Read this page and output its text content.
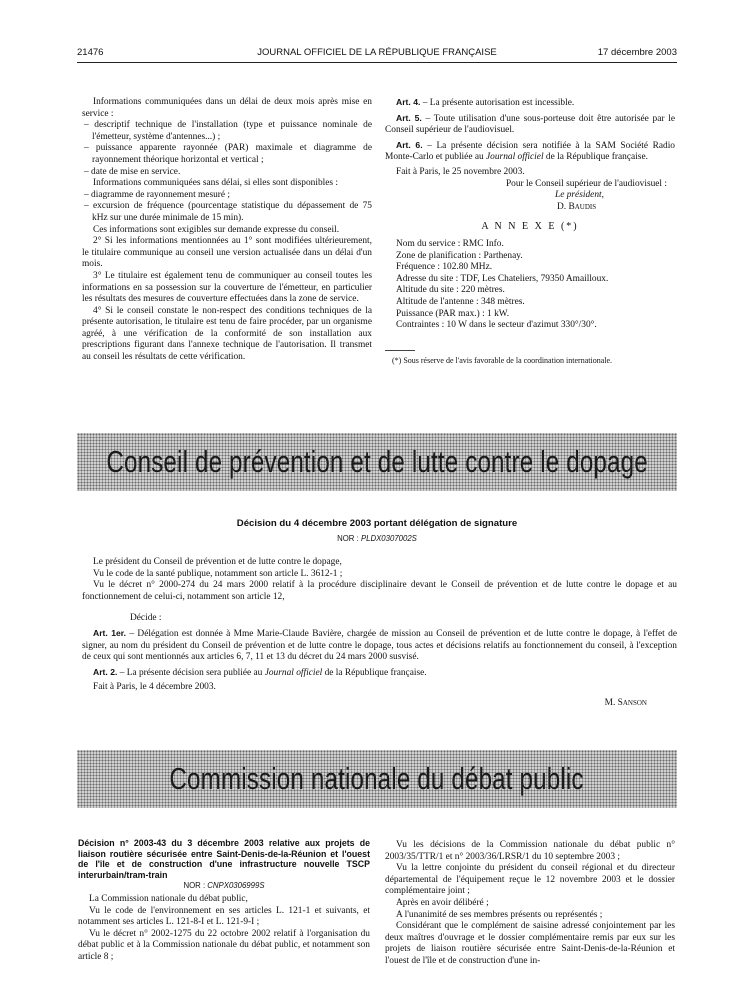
21476	JOURNAL OFFICIEL DE LA RÉPUBLIQUE FRANÇAISE	17 décembre 2003

Informations communiquées dans un délai de deux mois après mise en service :

– descriptif technique de l'installation (type et puissance nominale de l'émetteur, système d'antennes...) ;

– puissance apparente rayonnée (PAR) maximale et diagramme de rayonnement théorique horizontal et vertical ;

– date de mise en service.

Informations communiquées sans délai, si elles sont disponibles :

– diagramme de rayonnement mesuré ;

– excursion de fréquence (pourcentage statistique du dépassement de 75 kHz sur une durée minimale de 15 min).

Ces informations sont exigibles sur demande expresse du conseil.

2° Si les informations mentionnées au 1° sont modifiées ultérieurement, le titulaire communique au conseil une version actualisée dans un délai d'un mois.

3° Le titulaire est également tenu de communiquer au conseil toutes les informations en sa possession sur la couverture de l'émetteur, en particulier les résultats des mesures de couverture effectuées dans la zone de service.

4° Si le conseil constate le non-respect des conditions techniques de la présente autorisation, le titulaire est tenu de faire procéder, par un organisme agréé, à une vérification de la conformité de son installation aux prescriptions figurant dans l'annexe technique de l'autorisation. Il transmet au conseil les résultats de cette vérification.

Art. 4. – La présente autorisation est incessible.

Art. 5. – Toute utilisation d'une sous-porteuse doit être autorisée par le Conseil supérieur de l'audiovisuel.

Art. 6. – La présente décision sera notifiée à la SAM Société Radio Monte-Carlo et publiée au Journal officiel de la République française.

Fait à Paris, le 25 novembre 2003.

Pour le Conseil supérieur de l'audiovisuel :

Le président,

D. Baudis

A N N E X E (*)

Nom du service : RMC Info.

Zone de planification : Parthenay.

Fréquence : 102.80 MHz.

Adresse du site : TDF, Les Chateliers, 79350 Amailloux.

Altitude du site : 220 mètres.

Altitude de l'antenne : 348 mètres.

Puissance (PAR max.) : 1 kW.

Contraintes : 10 W dans le secteur d'azimut 330°/30°.

(*) Sous réserve de l'avis favorable de la coordination internationale.
Conseil de prévention et de lutte contre le dopage
Décision du 4 décembre 2003 portant délégation de signature
NOR : PLDX0307002S

Le président du Conseil de prévention et de lutte contre le dopage,

Vu le code de la santé publique, notamment son article L. 3612-1 ;

Vu le décret n° 2000-274 du 24 mars 2000 relatif à la procédure disciplinaire devant le Conseil de prévention et de lutte contre le dopage et au fonctionnement de celui-ci, notamment son article 12,

Décide :

Art. 1er. – Délégation est donnée à Mme Marie-Claude Bavière, chargée de mission au Conseil de prévention et de lutte contre le dopage, à l'effet de signer, au nom du président du Conseil de prévention et de lutte contre le dopage, tous actes et décisions relatifs au fonctionnement du conseil, à l'exception de ceux qui sont mentionnés aux articles 6, 7, 11 et 13 du décret du 24 mars 2000 susvisé.

Art. 2. – La présente décision sera publiée au Journal officiel de la République française.

Fait à Paris, le 4 décembre 2003.

M. Sanson

Commission nationale du débat public

Décision n° 2003-43 du 3 décembre 2003 relative aux projets de liaison routière sécurisée entre Saint-Denis-de-la-Réunion et l'ouest de l'île et de construction d'une infrastructure nouvelle TSCP interurbain/tram-train

NOR : CNPX0306999S

La Commission nationale du débat public,

Vu le code de l'environnement en ses articles L. 121-1 et suivants, et notamment ses articles L. 121-8-I et L. 121-9-I ;

Vu le décret n° 2002-1275 du 22 octobre 2002 relatif à l'organisation du débat public et à la Commission nationale du débat public, et notamment son article 8 ;

Vu les décisions de la Commission nationale du débat public n° 2003/35/TTR/1 et n° 2003/36/LRSR/1 du 10 septembre 2003 ;

Vu la lettre conjointe du président du conseil régional et du directeur départemental de l'équipement reçue le 12 novembre 2003 et le dossier complémentaire joint ;

Après en avoir délibéré ;

A l'unanimité de ses membres présents ou représentés ;

Considérant que le complément de saisine adressé conjointement par les deux maîtres d'ouvrage et le dossier complémentaire remis par eux sur les projets de liaison routière sécurisée entre Saint-Denis-de-la-Réunion et l'ouest de l'île et de construction d'une in-
